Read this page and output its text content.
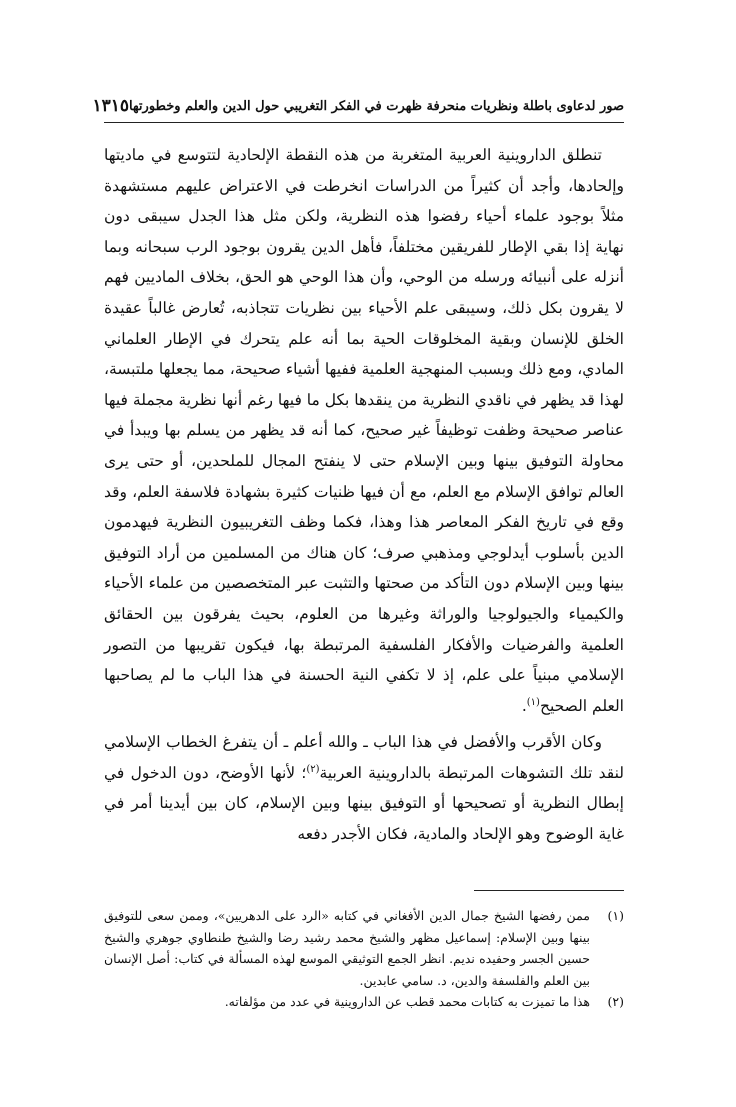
صور لدعاوى باطلة ونظريات منحرفة ظهرت في الفكر التغريبي حول الدين والعلم وخطورتها
١٣١٥

تنطلق الداروينية العربية المتغربة من هذه النقطة الإلحادية لتتوسع في ماديتها وإلحادها، وأجد أن كثيراً من الدراسات انخرطت في الاعتراض عليهم مستشهدة مثلاً بوجود علماء أحياء رفضوا هذه النظرية، ولكن مثل هذا الجدل سيبقى دون نهاية إذا بقي الإطار للفريقين مختلفاً، فأهل الدين يقرون بوجود الرب سبحانه وبما أنزله على أنبيائه ورسله من الوحي، وأن هذا الوحي هو الحق، بخلاف الماديين فهم لا يقرون بكل ذلك، وسيبقى علم الأحياء بين نظريات تتجاذبه، تُعارض غالباً عقيدة الخلق للإنسان وبقية المخلوقات الحية بما أنه علم يتحرك في الإطار العلماني المادي، ومع ذلك وبسبب المنهجية العلمية ففيها أشياء صحيحة، مما يجعلها ملتبسة، لهذا قد يظهر في ناقدي النظرية من ينقدها بكل ما فيها رغم أنها نظرية مجملة فيها عناصر صحيحة وظفت توظيفاً غير صحيح، كما أنه قد يظهر من يسلم بها ويبدأ في محاولة التوفيق بينها وبين الإسلام حتى لا ينفتح المجال للملحدين، أو حتى يرى العالم توافق الإسلام مع العلم، مع أن فيها ظنيات كثيرة بشهادة فلاسفة العلم، وقد وقع في تاريخ الفكر المعاصر هذا وهذا، فكما وظف التغريبيون النظرية فيهدمون الدين بأسلوب أيدلوجي ومذهبي صرف؛ كان هناك من المسلمين من أراد التوفيق بينها وبين الإسلام دون التأكد من صحتها والتثبت عبر المتخصصين من علماء الأحياء والكيمياء والجيولوجيا والوراثة وغيرها من العلوم، بحيث يفرقون بين الحقائق العلمية والفرضيات والأفكار الفلسفية المرتبطة بها، فيكون تقريبها من التصور الإسلامي مبنياً على علم، إذ لا تكفي النية الحسنة في هذا الباب ما لم يصاحبها العلم الصحيح$^{(١)}$.

وكان الأقرب والأفضل في هذا الباب ـ والله أعلم ـ أن يتفرغ الخطاب الإسلامي لنقد تلك التشوهات المرتبطة بالداروينية العربية$^{(٢)}$؛ لأنها الأوضح، دون الدخول في إبطال النظرية أو تصحيحها أو التوفيق بينها وبين الإسلام، كان بين أيدينا أمر في غاية الوضوح وهو الإلحاد والمادية، فكان الأجدر دفعه

(١)
ممن رفضها الشيخ جمال الدين الأفغاني في كتابه «الرد على الدهريين»، وممن سعى للتوفيق بينها وبين الإسلام: إسماعيل مظهر والشيخ محمد رشيد رضا والشيخ طنطاوي جوهري والشيخ حسين الجسر وحفيده نديم. انظر الجمع التوثيقي الموسع لهذه المسألة في كتاب: أصل الإنسان بين العلم والفلسفة والدين، د. سامي عابدين.
(٢)
هذا ما تميزت به كتابات محمد قطب عن الداروينية في عدد من مؤلفاته.
